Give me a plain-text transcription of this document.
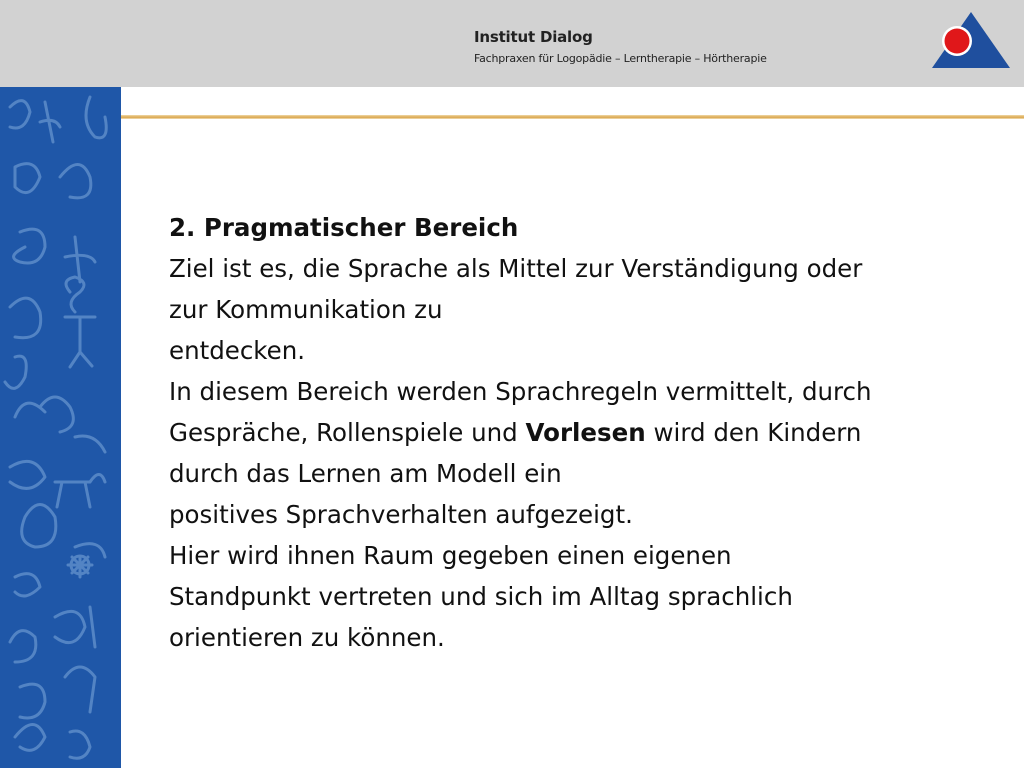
Institut Dialog
Fachpraxen für Logopädie – Lerntherapie – Hörtherapie
2. Pragmatischer Bereich
Ziel ist es, die Sprache als Mittel zur Verständigung oder
zur Kommunikation zu
entdecken.
In diesem Bereich werden Sprachregeln vermittelt, durch
Gespräche, Rollenspiele und Vorlesen wird den Kindern
durch das Lernen am Modell ein
positives Sprachverhalten aufgezeigt.
Hier wird ihnen Raum gegeben einen eigenen
Standpunkt vertreten und sich im Alltag sprachlich
orientieren zu können.
